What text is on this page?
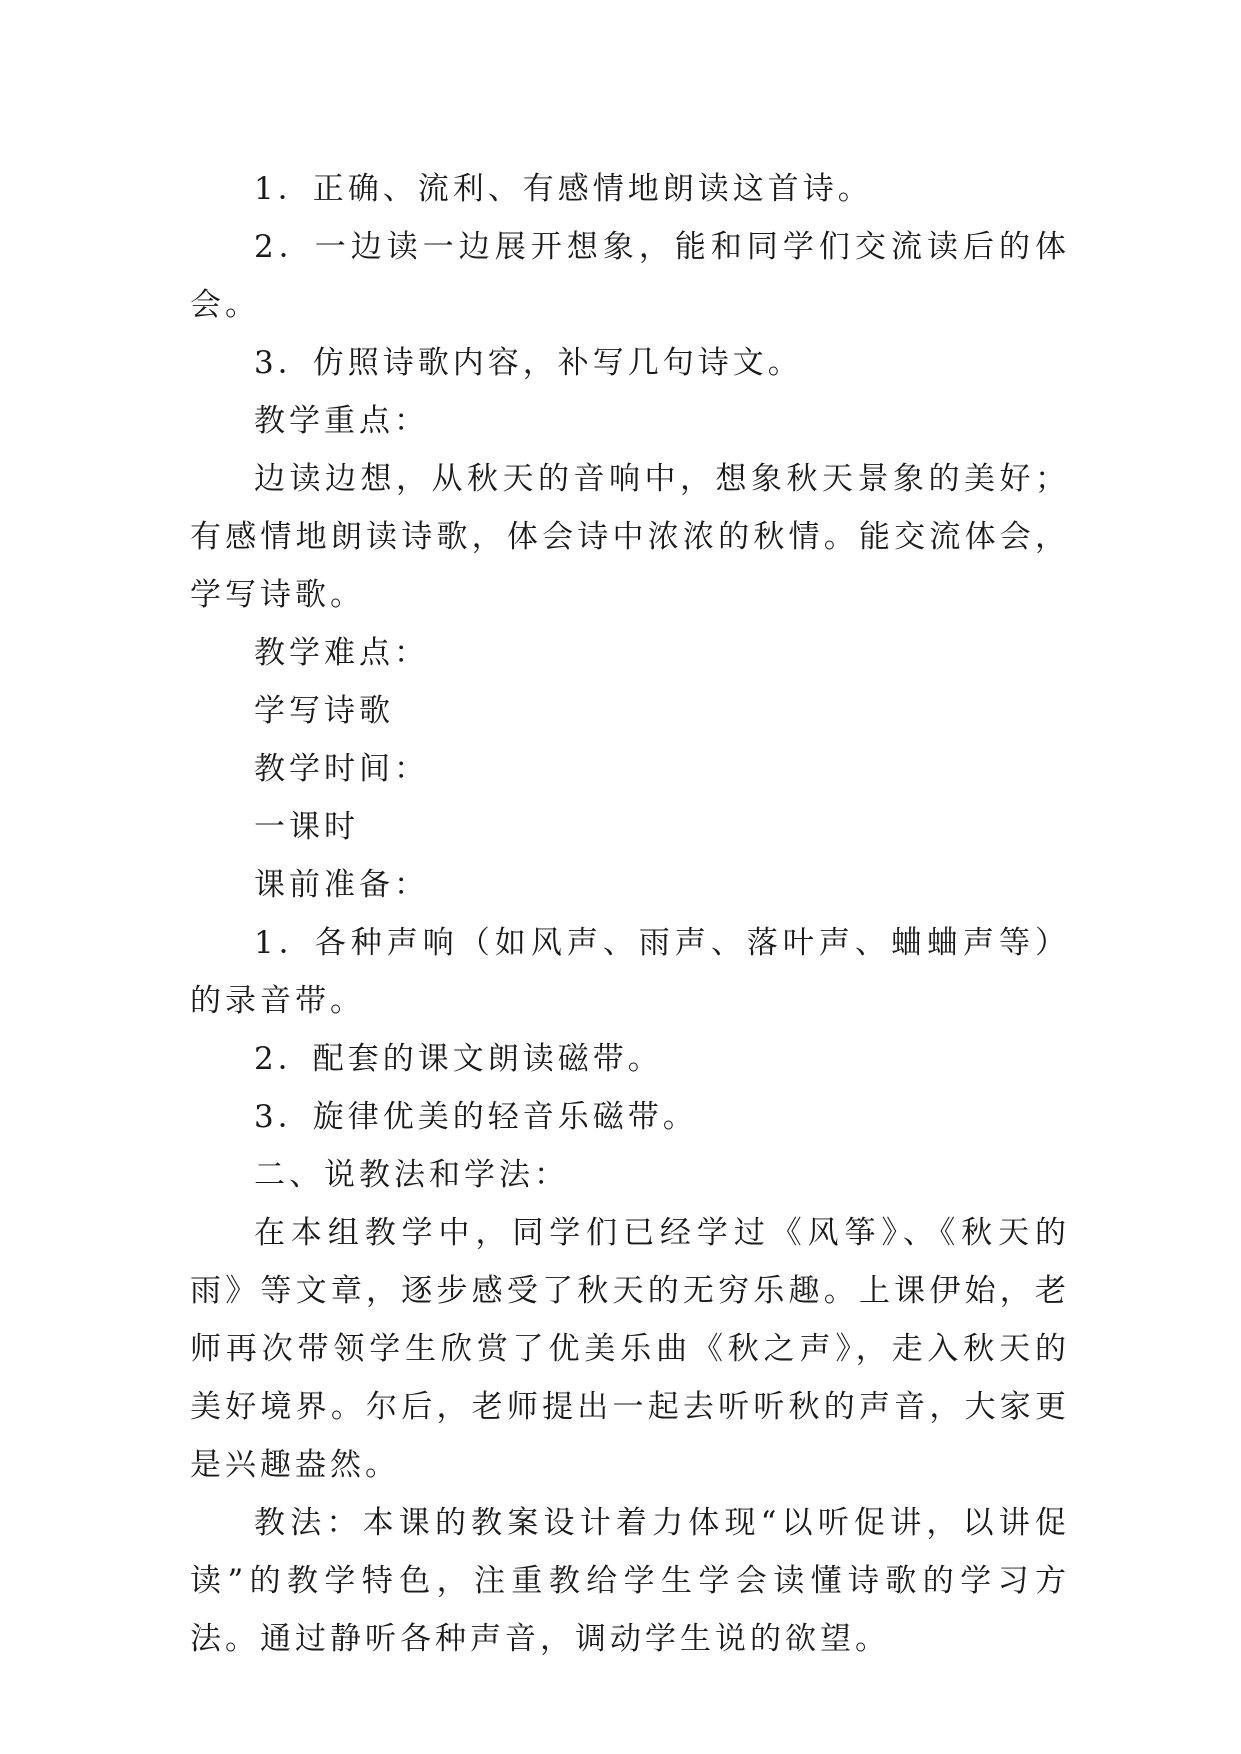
1．正确、流利、有感情地朗读这首诗。

2．一边读一边展开想象，能和同学们交流读后的体会。

3．仿照诗歌内容，补写几句诗文。

教学重点：

边读边想，从秋天的音响中，想象秋天景象的美好；有感情地朗读诗歌，体会诗中浓浓的秋情。能交流体会，学写诗歌。

教学难点：

学写诗歌

教学时间：

一课时

课前准备：

1．各种声响（如风声、雨声、落叶声、蛐蛐声等）的录音带。

2．配套的课文朗读磁带。

3．旋律优美的轻音乐磁带。

二、说教法和学法：

在本组教学中，同学们已经学过《风筝》、《秋天的雨》等文章，逐步感受了秋天的无穷乐趣。上课伊始，老师再次带领学生欣赏了优美乐曲《秋之声》，走入秋天的美好境界。尔后，老师提出一起去听听秋的声音，大家更是兴趣盎然。

教法：本课的教案设计着力体现“以听促讲，以讲促读”的教学特色，注重教给学生学会读懂诗歌的学习方法。通过静听各种声音，调动学生说的欲望。
